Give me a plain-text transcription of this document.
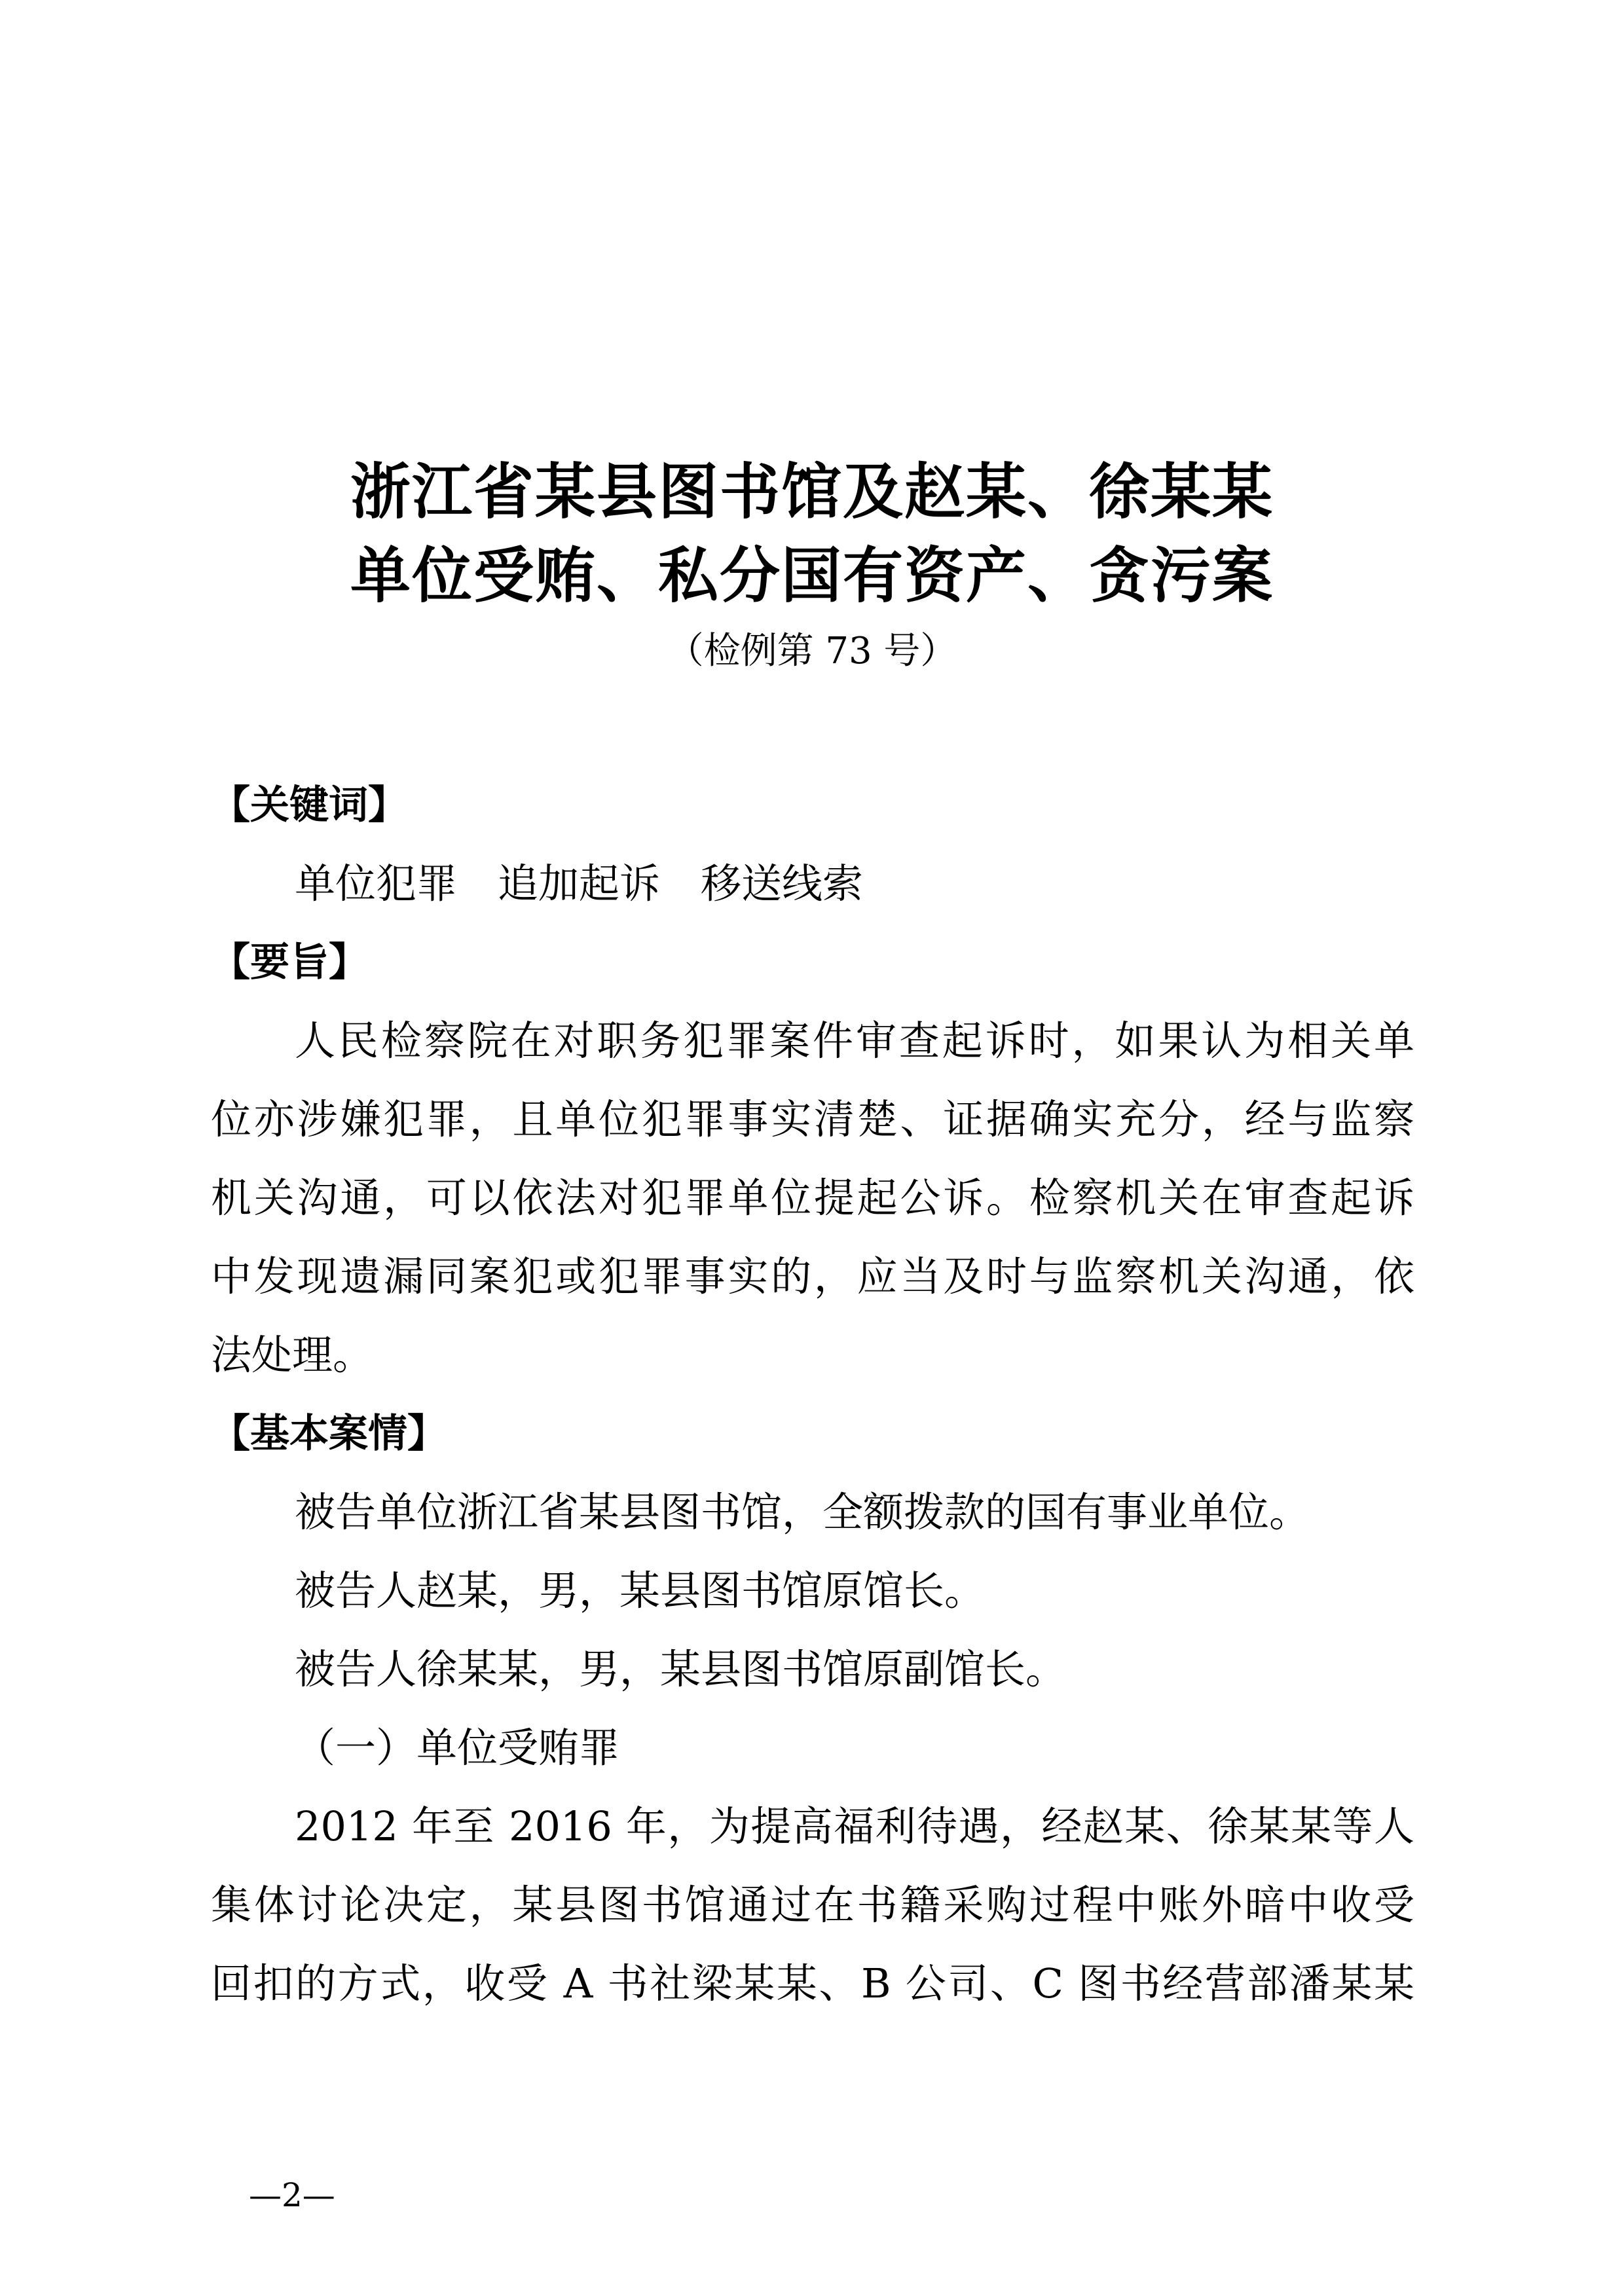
浙江省某县图书馆及赵某、徐某某
单位受贿、私分国有资产、贪污案
（检例第 73 号）
【关键词】
单位犯罪　追加起诉　移送线索
【要旨】
人民检察院在对职务犯罪案件审查起诉时，如果认为相关单
位亦涉嫌犯罪，且单位犯罪事实清楚、证据确实充分，经与监察
机关沟通，可以依法对犯罪单位提起公诉。检察机关在审查起诉
中发现遗漏同案犯或犯罪事实的，应当及时与监察机关沟通，依
法处理。
【基本案情】
被告单位浙江省某县图书馆，全额拨款的国有事业单位。
被告人赵某，男，某县图书馆原馆长。
被告人徐某某，男，某县图书馆原副馆长。
（一）单位受贿罪
2012 年至 2016 年，为提高福利待遇，经赵某、徐某某等人
集体讨论决定，某县图书馆通过在书籍采购过程中账外暗中收受
回扣的方式，收受 A 书社梁某某、B 公司、C 图书经营部潘某某
—2—
